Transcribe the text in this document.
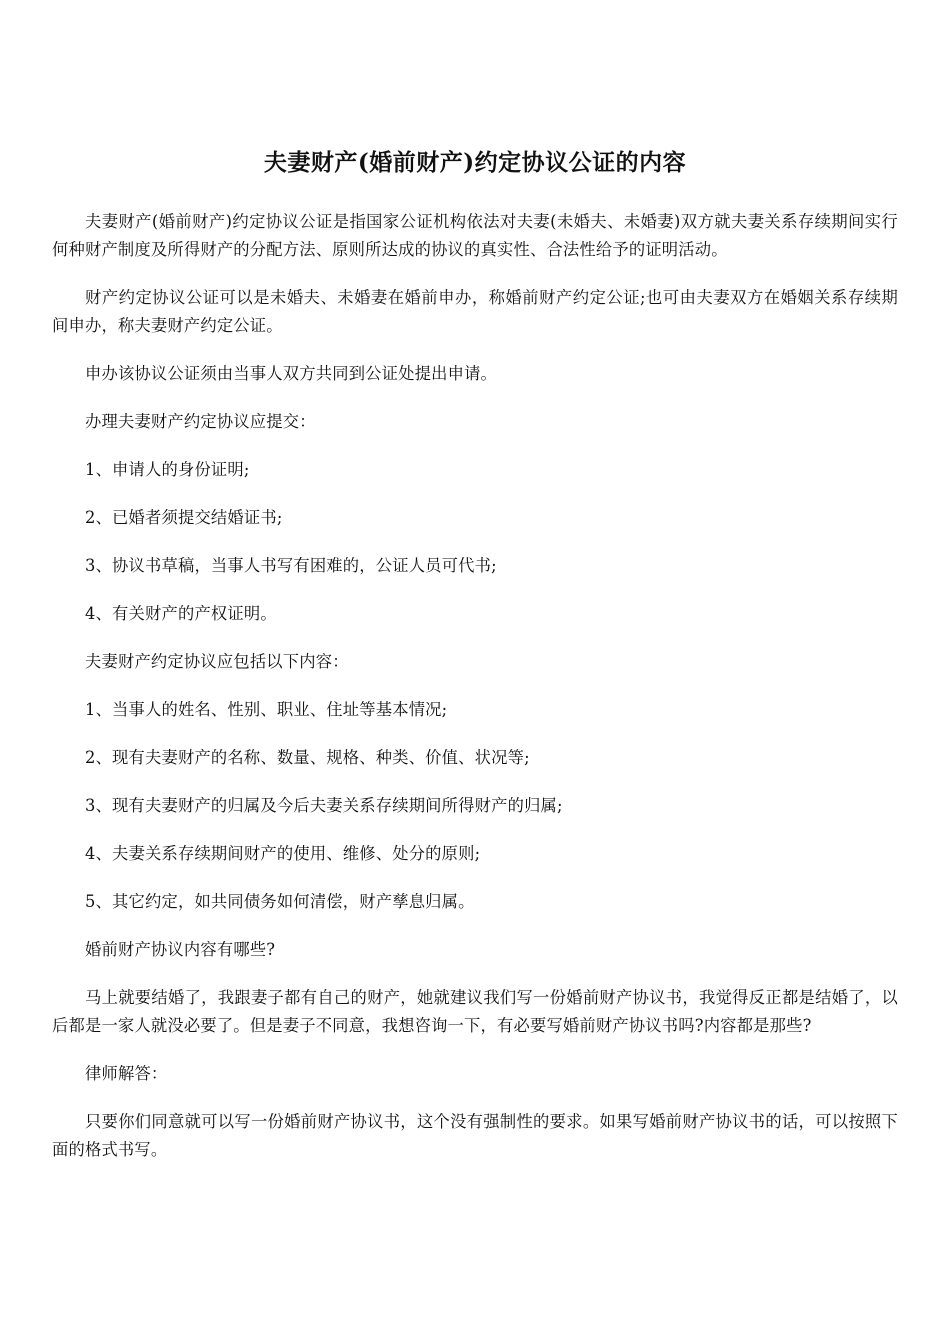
夫妻财产(婚前财产)约定协议公证的内容

夫妻财产(婚前财产)约定协议公证是指国家公证机构依法对夫妻(未婚夫、未婚妻)双方就夫妻关系存续期间实行何种财产制度及所得财产的分配方法、原则所达成的协议的真实性、合法性给予的证明活动。

财产约定协议公证可以是未婚夫、未婚妻在婚前申办，称婚前财产约定公证;也可由夫妻双方在婚姻关系存续期间申办，称夫妻财产约定公证。

申办该协议公证须由当事人双方共同到公证处提出申请。

办理夫妻财产约定协议应提交：

1、申请人的身份证明;

2、已婚者须提交结婚证书;

3、协议书草稿，当事人书写有困难的，公证人员可代书;

4、有关财产的产权证明。

夫妻财产约定协议应包括以下内容：

1、当事人的姓名、性别、职业、住址等基本情况;

2、现有夫妻财产的名称、数量、规格、种类、价值、状况等;

3、现有夫妻财产的归属及今后夫妻关系存续期间所得财产的归属;

4、夫妻关系存续期间财产的使用、维修、处分的原则;

5、其它约定，如共同债务如何清偿，财产孳息归属。

婚前财产协议内容有哪些?

马上就要结婚了，我跟妻子都有自己的财产，她就建议我们写一份婚前财产协议书，我觉得反正都是结婚了，以后都是一家人就没必要了。但是妻子不同意，我想咨询一下，有必要写婚前财产协议书吗?内容都是那些?

律师解答：

只要你们同意就可以写一份婚前财产协议书，这个没有强制性的要求。如果写婚前财产协议书的话，可以按照下面的格式书写。
